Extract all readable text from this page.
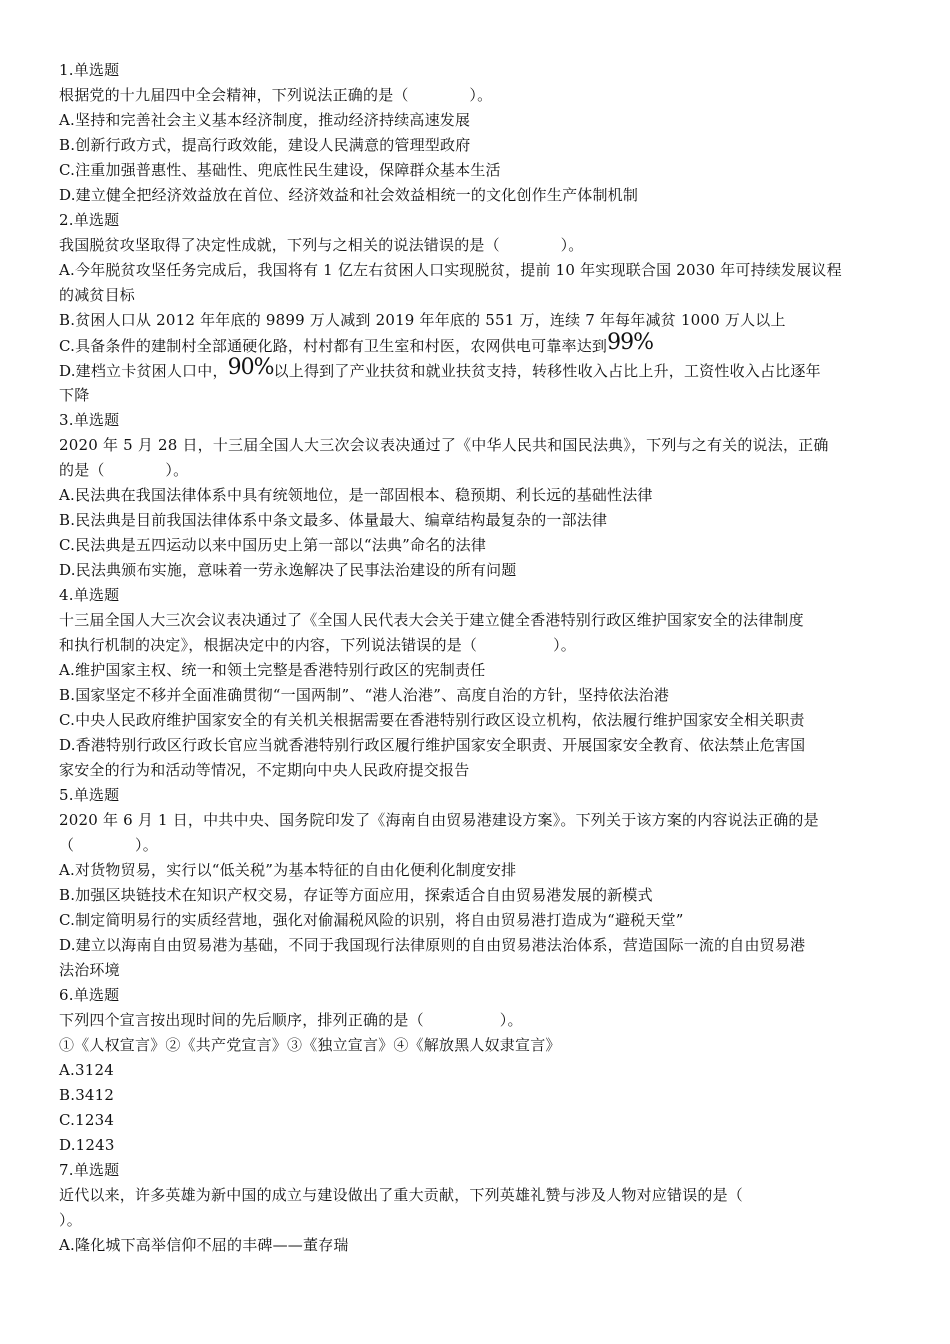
1.单选题
根据党的十九届四中全会精神，下列说法正确的是（　　　　）。
A.坚持和完善社会主义基本经济制度，推动经济持续高速发展
B.创新行政方式，提高行政效能，建设人民满意的管理型政府
C.注重加强普惠性、基础性、兜底性民生建设，保障群众基本生活
D.建立健全把经济效益放在首位、经济效益和社会效益相统一的文化创作生产体制机制
2.单选题
我国脱贫攻坚取得了决定性成就，下列与之相关的说法错误的是（　　　　）。
A.今年脱贫攻坚任务完成后，我国将有 1 亿左右贫困人口实现脱贫，提前 10 年实现联合国 2030 年可持续发展议程
的减贫目标
B.贫困人口从 2012 年年底的 9899 万人减到 2019 年年底的 551 万，连续 7 年每年减贫 1000 万人以上
C.具备条件的建制村全部通硬化路，村村都有卫生室和村医，农网供电可靠率达到99%
D.建档立卡贫困人口中，90%以上得到了产业扶贫和就业扶贫支持，转移性收入占比上升，工资性收入占比逐年
下降
3.单选题
2020 年 5 月 28 日，十三届全国人大三次会议表决通过了《中华人民共和国民法典》，下列与之有关的说法，正确
的是（　　　　）。
A.民法典在我国法律体系中具有统领地位，是一部固根本、稳预期、利长远的基础性法律
B.民法典是目前我国法律体系中条文最多、体量最大、编章结构最复杂的一部法律
C.民法典是五四运动以来中国历史上第一部以“法典”命名的法律
D.民法典颁布实施，意味着一劳永逸解决了民事法治建设的所有问题
4.单选题
十三届全国人大三次会议表决通过了《全国人民代表大会关于建立健全香港特别行政区维护国家安全的法律制度
和执行机制的决定》，根据决定中的内容，下列说法错误的是（　　　　　）。
A.维护国家主权、统一和领土完整是香港特别行政区的宪制责任
B.国家坚定不移并全面准确贯彻“一国两制”、“港人治港”、高度自治的方针，坚持依法治港
C.中央人民政府维护国家安全的有关机关根据需要在香港特别行政区设立机构，依法履行维护国家安全相关职责
D.香港特别行政区行政长官应当就香港特别行政区履行维护国家安全职责、开展国家安全教育、依法禁止危害国
家安全的行为和活动等情况，不定期向中央人民政府提交报告
5.单选题
2020 年 6 月 1 日，中共中央、国务院印发了《海南自由贸易港建设方案》。下列关于该方案的内容说法正确的是
（　　　　）。
A.对货物贸易，实行以“低关税”为基本特征的自由化便利化制度安排
B.加强区块链技术在知识产权交易，存证等方面应用，探索适合自由贸易港发展的新模式
C.制定简明易行的实质经营地，强化对偷漏税风险的识别，将自由贸易港打造成为“避税天堂”
D.建立以海南自由贸易港为基础，不同于我国现行法律原则的自由贸易港法治体系，营造国际一流的自由贸易港
法治环境
6.单选题
下列四个宣言按出现时间的先后顺序，排列正确的是（　　　　　）。
①《人权宣言》②《共产党宣言》③《独立宣言》④《解放黑人奴隶宣言》
A.3124
B.3412
C.1234
D.1243
7.单选题
近代以来，许多英雄为新中国的成立与建设做出了重大贡献，下列英雄礼赞与涉及人物对应错误的是（
）。
A.隆化城下高举信仰不屈的丰碑——董存瑞
